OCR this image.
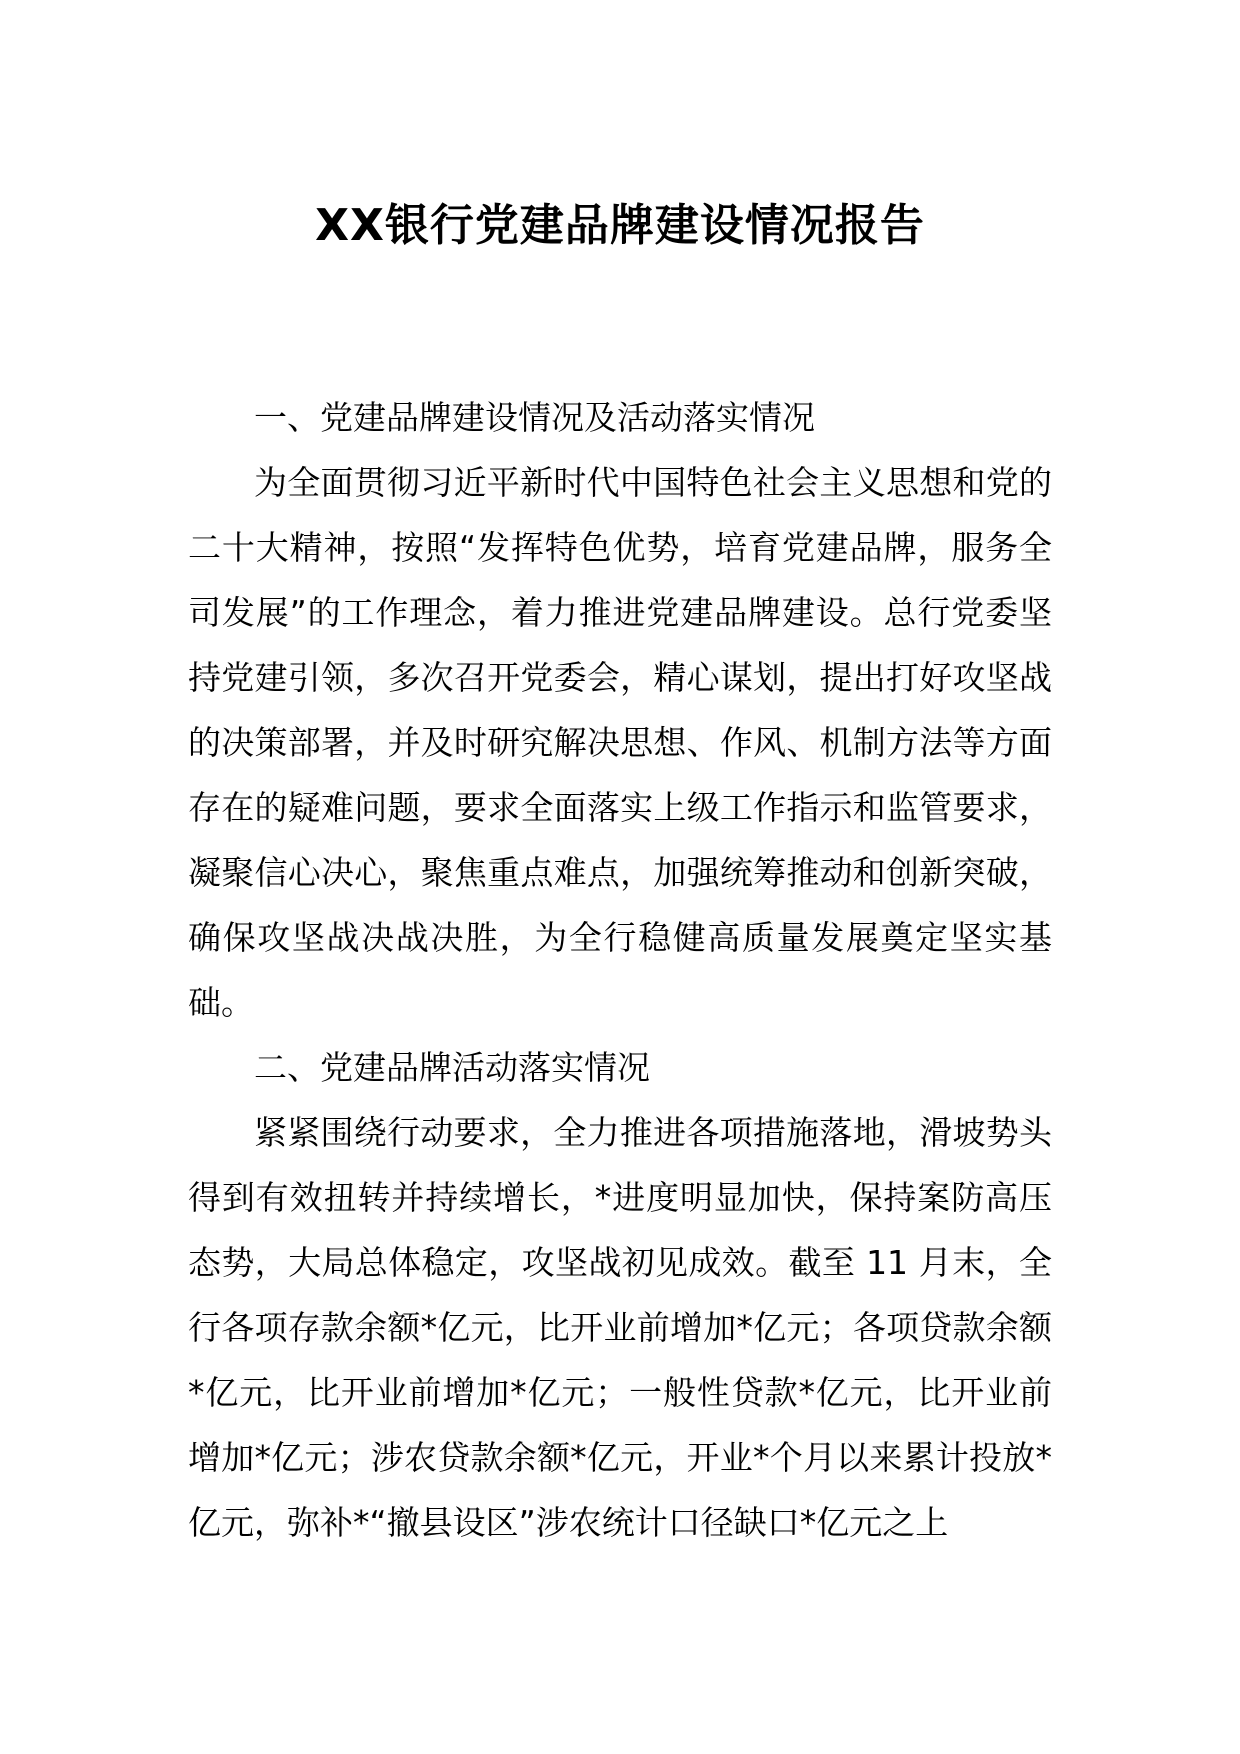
XX银行党建品牌建设情况报告
一、党建品牌建设情况及活动落实情况

为全面贯彻习近平新时代中国特色社会主义思想和党的二十大精神，按照“发挥特色优势，培育党建品牌，服务全司发展”的工作理念，着力推进党建品牌建设。总行党委坚持党建引领，多次召开党委会，精心谋划，提出打好攻坚战的决策部署，并及时研究解决思想、作风、机制方法等方面存在的疑难问题，要求全面落实上级工作指示和监管要求，凝聚信心决心，聚焦重点难点，加强统筹推动和创新突破，确保攻坚战决战决胜，为全行稳健高质量发展奠定坚实基础。

二、党建品牌活动落实情况

紧紧围绕行动要求，全力推进各项措施落地，滑坡势头得到有效扭转并持续增长，*进度明显加快，保持案防高压态势，大局总体稳定，攻坚战初见成效。截至 11 月末，全行各项存款余额*亿元，比开业前增加*亿元；各项贷款余额*亿元，比开业前增加*亿元；一般性贷款*亿元，比开业前增加*亿元；涉农贷款余额*亿元，开业*个月以来累计投放*亿元，弥补*“撤县设区”涉农统计口径缺口*亿元之上
